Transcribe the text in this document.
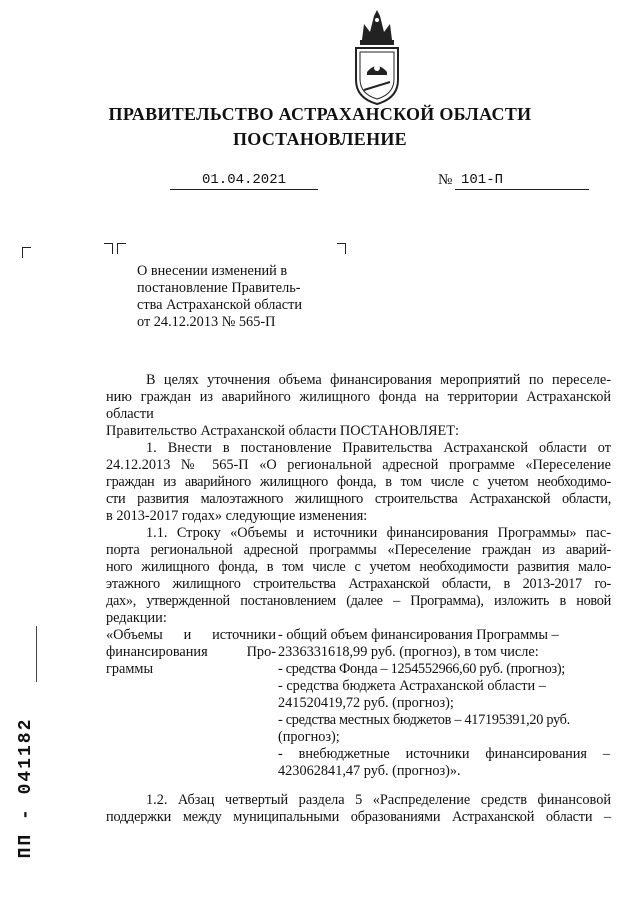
ПРАВИТЕЛЬСТВО АСТРАХАНСКОЙ ОБЛАСТИ
ПОСТАНОВЛЕНИЕ
01.04.2021	№ 101-П
О внесении изменений в
постановление Правитель-
ства Астраханской области
от 24.12.2013 № 565-П
В целях уточнения объема финансирования мероприятий по переселе-
нию граждан из аварийного жилищного фонда на территории Астраханской
области
Правительство Астраханской области ПОСТАНОВЛЯЕТ:
1. Внести в постановление Правительства Астраханской области от
24.12.2013 № 565-П «О региональной адресной программе «Переселение
граждан из аварийного жилищного фонда, в том числе с учетом необходимо-
сти развития малоэтажного жилищного строительства Астраханской области,
в 2013-2017 годах» следующие изменения:
1.1. Строку «Объемы и источники финансирования Программы» пас-
порта региональной адресной программы «Переселение граждан из аварий-
ного жилищного фонда, в том числе с учетом необходимости развития мало-
этажного жилищного строительства Астраханской области, в 2013-2017 го-
дах», утвержденной постановлением (далее – Программа), изложить в новой
редакции:
«Объемы и источники
финансирования Про-
граммы
- общий объем финансирования Программы –
2336331618,99 руб. (прогноз), в том числе:
- средства Фонда – 1254552966,60 руб. (прогноз);
- средства бюджета Астраханской области –
241520419,72 руб. (прогноз);
- средства местных бюджетов – 417195391,20 руб.
(прогноз);
- внебюджетные источники финансирования –
423062841,47 руб. (прогноз)».
1.2. Абзац четвертый раздела 5 «Распределение средств финансовой
поддержки между муниципальными образованиями Астраханской области –
ПП - 041182
